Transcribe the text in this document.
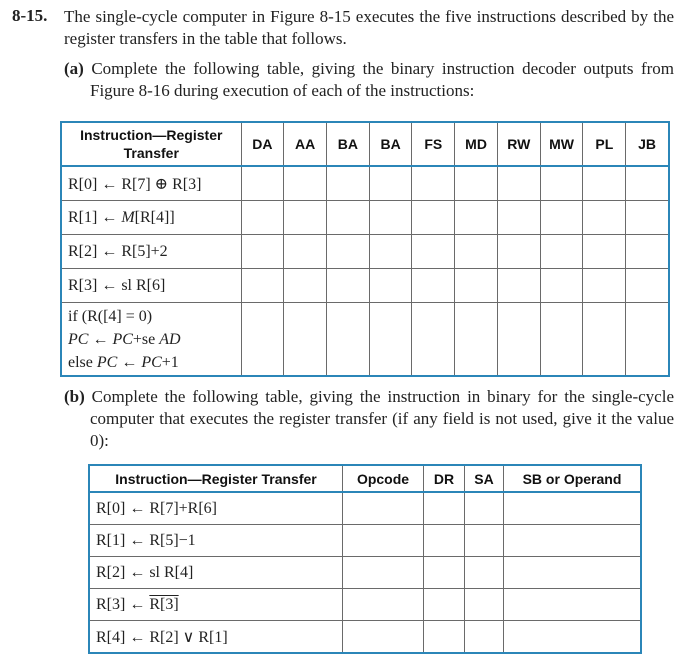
8-15. The single-cycle computer in Figure 8-15 executes the five instructions described by the register transfers in the table that follows.
(a) Complete the following table, giving the binary instruction decoder outputs from Figure 8-16 during execution of each of the instructions:
Instruction—Register
Transfer	DA	AA	BA	BA	FS	MD	RW	MW	PL	JB
R[0] ← R[7] ⊕ R[3]										
R[1] ← M[R[4]]										
R[2] ← R[5]+2										
R[3] ← sl R[6]										

if (R([4] = 0)
PC ← PC+se AD
else PC ← PC+1										

(b) Complete the following table, giving the instruction in binary for the single-cycle computer that executes the register transfer (if any field is not used, give it the value 0):
Instruction—Register Transfer	Opcode	DR	SA	SB or Operand
R[0] ← R[7]+R[6]				
R[1] ← R[5]−1				
R[2] ← sl R[4]				
R[3] ← R[3]				
R[4] ← R[2] ∨ R[1]				
